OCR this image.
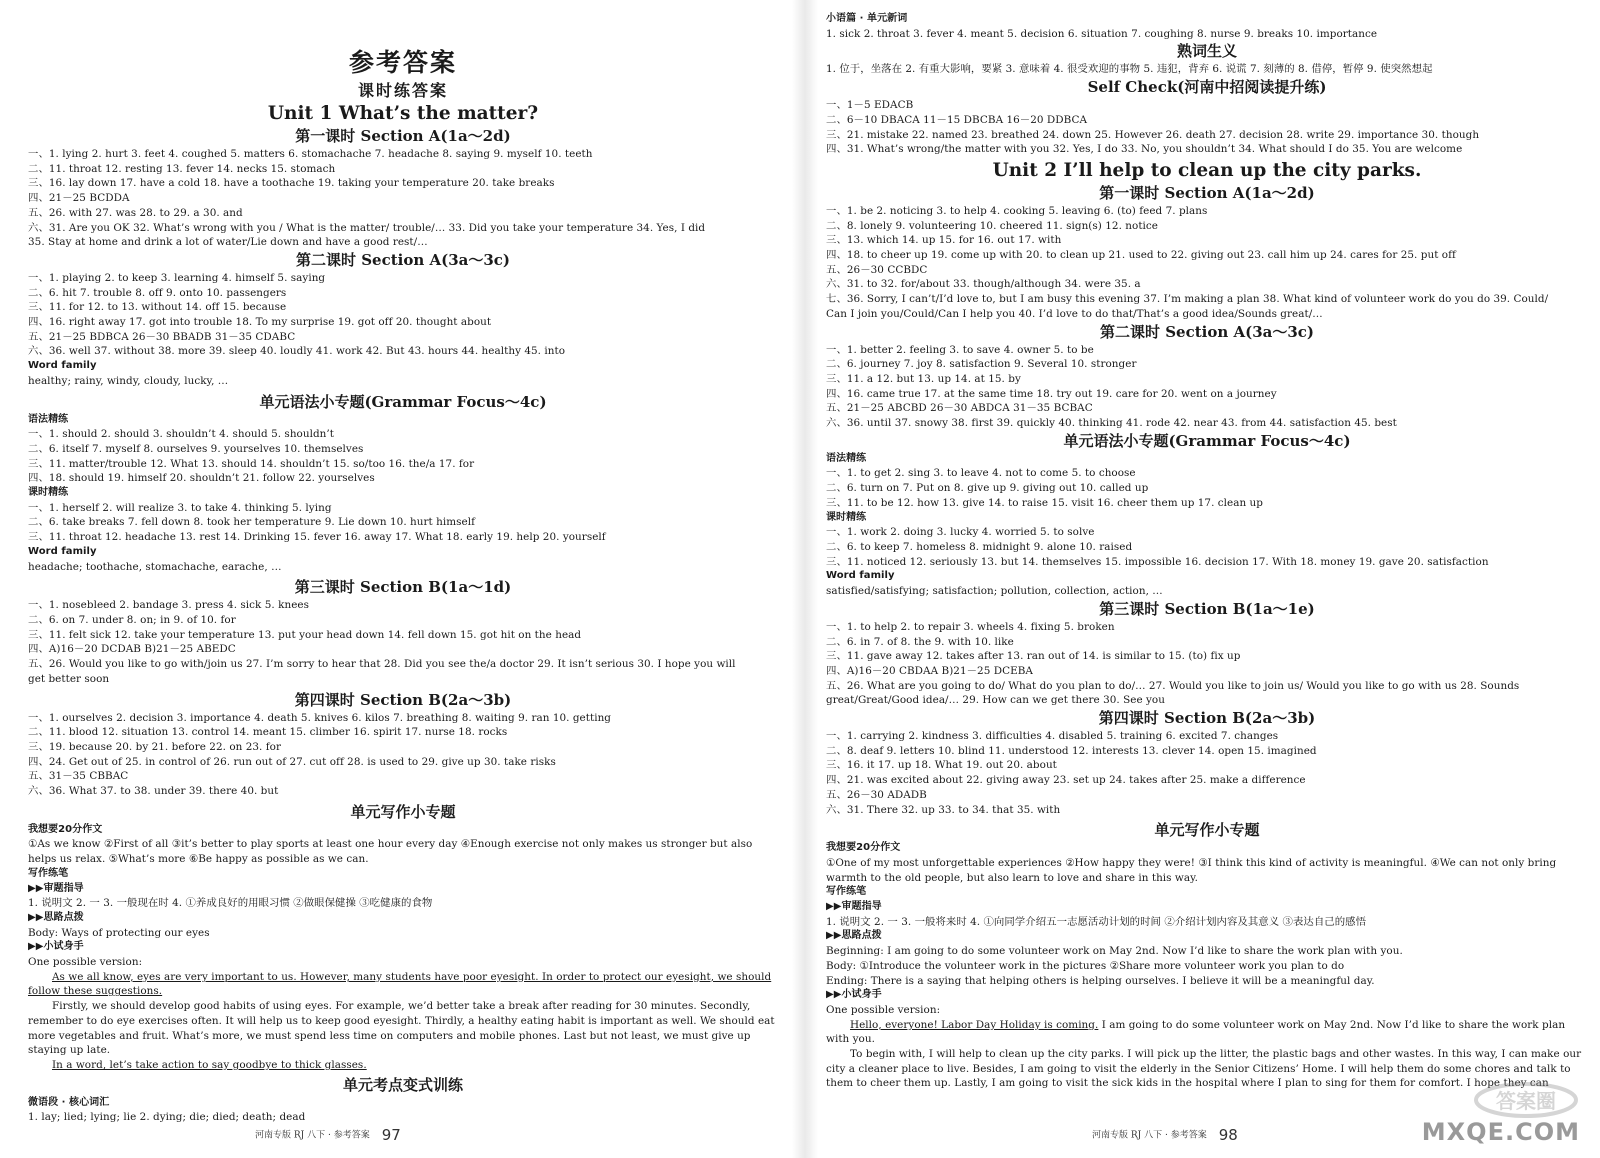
参考答案
课时练答案
Unit 1 What’s the matter?
第一课时 Section A(1a～2d)
一、1. lying 2. hurt 3. feet 4. coughed 5. matters 6. stomachache 7. headache 8. saying 9. myself 10. teeth
二、11. throat 12. resting 13. fever 14. necks 15. stomach
三、16. lay down 17. have a cold 18. have a toothache 19. taking your temperature 20. take breaks
四、21－25 BCDDA
五、26. with 27. was 28. to 29. a 30. and
六、31. Are you OK 32. What’s wrong with you / What is the matter/ trouble/… 33. Did you take your temperature 34. Yes, I did
35. Stay at home and drink a lot of water/Lie down and have a good rest/…
第二课时 Section A(3a～3c)
一、1. playing 2. to keep 3. learning 4. himself 5. saying
二、6. hit 7. trouble 8. off 9. onto 10. passengers
三、11. for 12. to 13. without 14. off 15. because
四、16. right away 17. got into trouble 18. To my surprise 19. got off 20. thought about
五、21－25 BDBCA 26－30 BBADB 31－35 CDABC
六、36. well 37. without 38. more 39. sleep 40. loudly 41. work 42. But 43. hours 44. healthy 45. into
Word family
healthy; rainy, windy, cloudy, lucky, …
单元语法小专题(Grammar Focus～4c)
语法精练
一、1. should 2. should 3. shouldn’t 4. should 5. shouldn’t
二、6. itself 7. myself 8. ourselves 9. yourselves 10. themselves
三、11. matter/trouble 12. What 13. should 14. shouldn’t 15. so/too 16. the/a 17. for
四、18. should 19. himself 20. shouldn’t 21. follow 22. yourselves
课时精练
一、1. herself 2. will realize 3. to take 4. thinking 5. lying
二、6. take breaks 7. fell down 8. took her temperature 9. Lie down 10. hurt himself
三、11. throat 12. headache 13. rest 14. Drinking 15. fever 16. away 17. What 18. early 19. help 20. yourself
Word family
headache; toothache, stomachache, earache, …
第三课时 Section B(1a～1d)
一、1. nosebleed 2. bandage 3. press 4. sick 5. knees
二、6. on 7. under 8. on; in 9. of 10. for
三、11. felt sick 12. take your temperature 13. put your head down 14. fell down 15. got hit on the head
四、A)16－20 DCDAB B)21－25 ABEDC
五、26. Would you like to go with/join us 27. I’m sorry to hear that 28. Did you see the/a doctor 29. It isn’t serious 30. I hope you will
get better soon
第四课时 Section B(2a～3b)
一、1. ourselves 2. decision 3. importance 4. death 5. knives 6. kilos 7. breathing 8. waiting 9. ran 10. getting
二、11. blood 12. situation 13. control 14. meant 15. climber 16. spirit 17. nurse 18. rocks
三、19. because 20. by 21. before 22. on 23. for
四、24. Get out of 25. in control of 26. run out of 27. cut off 28. is used to 29. give up 30. take risks
五、31－35 CBBAC
六、36. What 37. to 38. under 39. there 40. but
单元写作小专题
我想要20分作文
①As we know ②First of all ③it’s better to play sports at least one hour every day ④Enough exercise not only makes us stronger but also helps us relax. ⑤What’s more ⑥Be happy as possible as we can.
写作练笔
▶▶审题指导
1. 说明文 2. 一 3. 一般现在时 4. ①养成良好的用眼习惯 ②做眼保健操 ③吃健康的食物
▶▶思路点拨
Body: Ways of protecting our eyes
▶▶小试身手
One possible version:
As we all know, eyes are very important to us. However, many students have poor eyesight. In order to protect our eyesight, we should follow these suggestions.
Firstly, we should develop good habits of using eyes. For example, we’d better take a break after reading for 30 minutes. Secondly, remember to do eye exercises often. It will help us to keep good eyesight. Thirdly, a healthy eating habit is important as well. We should eat more vegetables and fruit. What’s more, we must spend less time on computers and mobile phones. Last but not least, we must give up staying up late.
In a word, let’s take action to say goodbye to thick glasses.
单元考点变式训练
微语段 · 核心词汇
1. lay; lied; lying; lie 2. dying; die; died; death; dead
河南专版 RJ 八下 · 参考答案 97
小语篇 · 单元新词
1. sick 2. throat 3. fever 4. meant 5. decision 6. situation 7. coughing 8. nurse 9. breaks 10. importance
熟词生义
1. 位于，坐落在 2. 有重大影响，要紧 3. 意味着 4. 很受欢迎的事物 5. 违犯，背弃 6. 说谎 7. 刻薄的 8. 借停，暂停 9. 使突然想起
Self Check(河南中招阅读提升练)
一、1－5 EDACB
二、6－10 DBACA 11－15 DBCBA 16－20 DDBCA
三、21. mistake 22. named 23. breathed 24. down 25. However 26. death 27. decision 28. write 29. importance 30. though
四、31. What’s wrong/the matter with you 32. Yes, I do 33. No, you shouldn’t 34. What should I do 35. You are welcome
Unit 2 I’ll help to clean up the city parks.
第一课时 Section A(1a～2d)
一、1. be 2. noticing 3. to help 4. cooking 5. leaving 6. (to) feed 7. plans
二、8. lonely 9. volunteering 10. cheered 11. sign(s) 12. notice
三、13. which 14. up 15. for 16. out 17. with
四、18. to cheer up 19. come up with 20. to clean up 21. used to 22. giving out 23. call him up 24. cares for 25. put off
五、26－30 CCBDC
六、31. to 32. for/about 33. though/although 34. were 35. a
七、36. Sorry, I can’t/I’d love to, but I am busy this evening 37. I’m making a plan 38. What kind of volunteer work do you do 39. Could/
Can I join you/Could/Can I help you 40. I’d love to do that/That’s a good idea/Sounds great/…
第二课时 Section A(3a～3c)
一、1. better 2. feeling 3. to save 4. owner 5. to be
二、6. journey 7. joy 8. satisfaction 9. Several 10. stronger
三、11. a 12. but 13. up 14. at 15. by
四、16. came true 17. at the same time 18. try out 19. care for 20. went on a journey
五、21－25 ABCBD 26－30 ABDCA 31－35 BCBAC
六、36. until 37. snowy 38. first 39. quickly 40. thinking 41. rode 42. near 43. from 44. satisfaction 45. best
单元语法小专题(Grammar Focus～4c)
语法精练
一、1. to get 2. sing 3. to leave 4. not to come 5. to choose
二、6. turn on 7. Put on 8. give up 9. giving out 10. called up
三、11. to be 12. how 13. give 14. to raise 15. visit 16. cheer them up 17. clean up
课时精练
一、1. work 2. doing 3. lucky 4. worried 5. to solve
二、6. to keep 7. homeless 8. midnight 9. alone 10. raised
三、11. noticed 12. seriously 13. but 14. themselves 15. impossible 16. decision 17. With 18. money 19. gave 20. satisfaction
Word family
satisfied/satisfying; satisfaction; pollution, collection, action, …
第三课时 Section B(1a～1e)
一、1. to help 2. to repair 3. wheels 4. fixing 5. broken
二、6. in 7. of 8. the 9. with 10. like
三、11. gave away 12. takes after 13. ran out of 14. is similar to 15. (to) fix up
四、A)16－20 CBDAA B)21－25 DCEBA
五、26. What are you going to do/ What do you plan to do/… 27. Would you like to join us/ Would you like to go with us 28. Sounds
great/Great/Good idea/… 29. How can we get there 30. See you
第四课时 Section B(2a～3b)
一、1. carrying 2. kindness 3. difficulties 4. disabled 5. training 6. excited 7. changes
二、8. deaf 9. letters 10. blind 11. understood 12. interests 13. clever 14. open 15. imagined
三、16. it 17. up 18. What 19. out 20. about
四、21. was excited about 22. giving away 23. set up 24. takes after 25. make a difference
五、26－30 ADADB
六、31. There 32. up 33. to 34. that 35. with
单元写作小专题
我想要20分作文
①One of my most unforgettable experiences ②How happy they were! ③I think this kind of activity is meaningful. ④We can not only bring warmth to the old people, but also learn to love and share in this way.
写作练笔
▶▶审题指导
1. 说明文 2. 一 3. 一般将来时 4. ①向同学介绍五一志愿活动计划的时间 ②介绍计划内容及其意义 ③表达自己的感悟
▶▶思路点拨
Beginning: I am going to do some volunteer work on May 2nd. Now I’d like to share the work plan with you.
Body: ①Introduce the volunteer work in the pictures ②Share more volunteer work you plan to do
Ending: There is a saying that helping others is helping ourselves. I believe it will be a meaningful day.
▶▶小试身手
One possible version:
Hello, everyone! Labor Day Holiday is coming. I am going to do some volunteer work on May 2nd. Now I’d like to share the work plan with you.
To begin with, I will help to clean up the city parks. I will pick up the litter, the plastic bags and other wastes. In this way, I can make our city a cleaner place to live. Besides, I am going to visit the elderly in the Senior Citizens’ Home. I will help them do some chores and talk to them to cheer them up. Lastly, I am going to visit the sick kids in the hospital where I plan to sing for them for comfort. I hope they can
河南专版 RJ 八下 · 参考答案 98
答案圈
MXQE.COM
